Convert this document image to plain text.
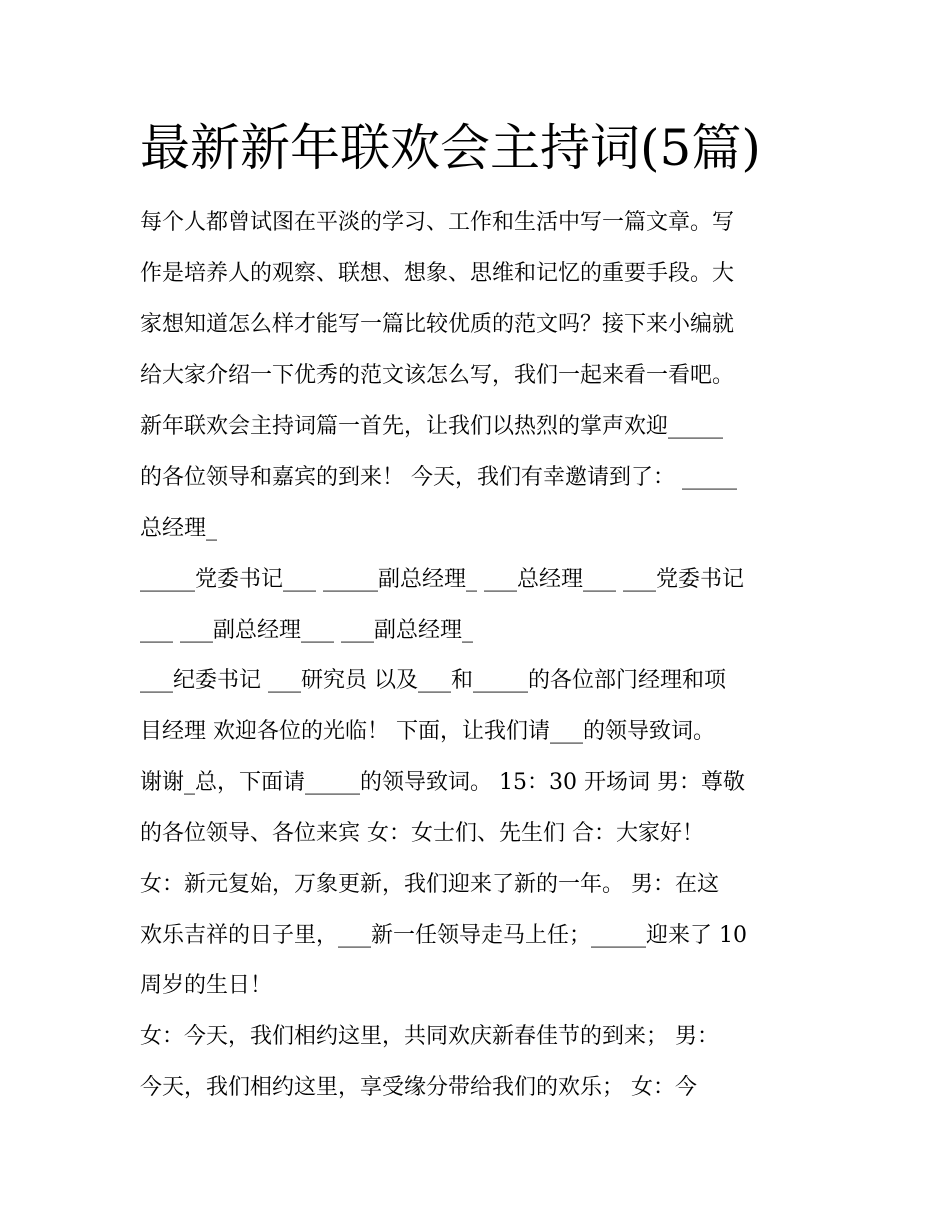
最新新年联欢会主持词(5篇)
每个人都曾试图在平淡的学习、工作和生活中写一篇文章。写
作是培养人的观察、联想、想象、思维和记忆的重要手段。大
家想知道怎么样才能写一篇比较优质的范文吗？接下来小编就
给大家介绍一下优秀的范文该怎么写，我们一起来看一看吧。
新年联欢会主持词篇一首先，让我们以热烈的掌声欢迎_____
的各位领导和嘉宾的到来！ 今天，我们有幸邀请到了： _____
总经理_
_____党委书记___ _____副总经理_ ___总经理___ ___党委书记
___ ___副总经理___ ___副总经理_
___纪委书记 ___研究员 以及___和_____的各位部门经理和项
目经理 欢迎各位的光临！ 下面，让我们请___的领导致词。
谢谢_总，下面请_____的领导致词。 15：30 开场词 男：尊敬
的各位领导、各位来宾 女：女士们、先生们 合：大家好！
女：新元复始，万象更新，我们迎来了新的一年。 男：在这
欢乐吉祥的日子里，___新一任领导走马上任；_____迎来了 10
周岁的生日！
女：今天，我们相约这里，共同欢庆新春佳节的到来； 男：
今天，我们相约这里，享受缘分带给我们的欢乐； 女：今
